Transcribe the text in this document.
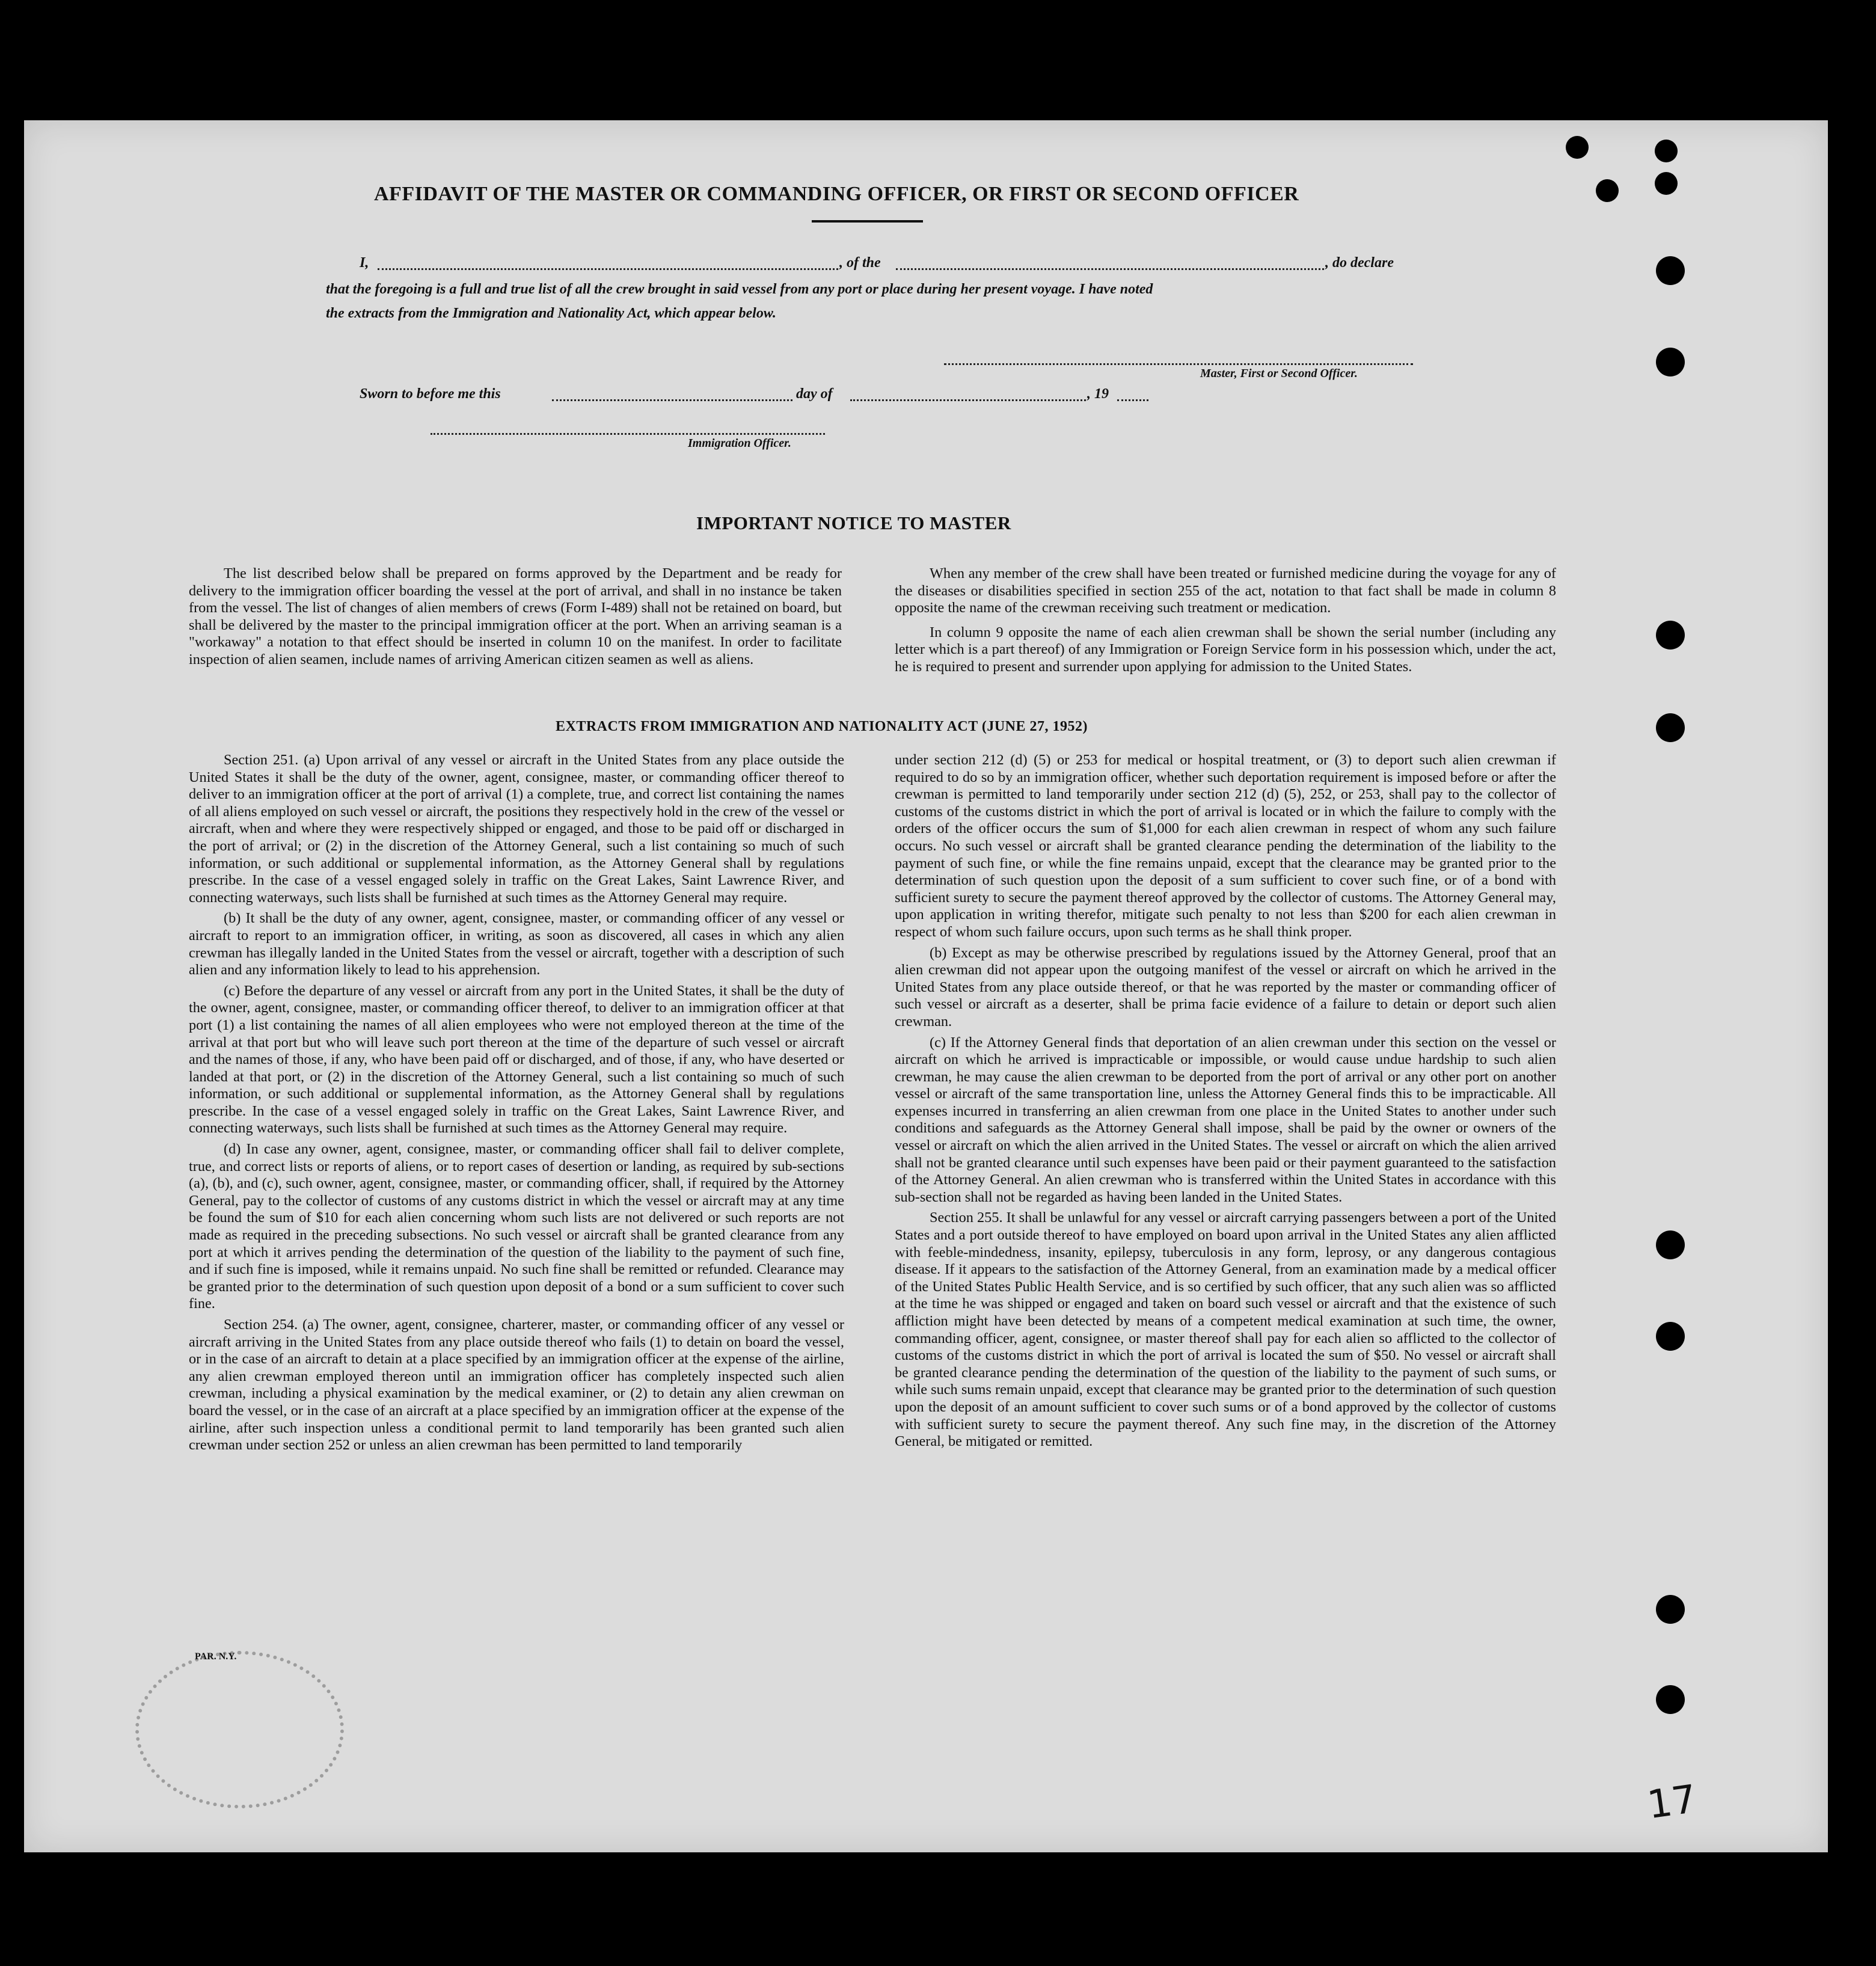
AFFIDAVIT OF THE MASTER OR COMMANDING OFFICER, OR FIRST OR SECOND OFFICER
I,	, of the	, do declare
that the foregoing is a full and true list of all the crew brought in said vessel from any port or place during her present voyage. I have noted
the extracts from the Immigration and Nationality Act, which appear below.
Master, First or Second Officer.
Sworn to before me this	day of	, 19
Immigration Officer.
IMPORTANT NOTICE TO MASTER

The list described below shall be prepared on forms approved by the Department and be ready for delivery to the immigration officer boarding the vessel at the port of arrival, and shall in no instance be taken from the vessel. The list of changes of alien members of crews (Form I-489) shall not be retained on board, but shall be delivered by the master to the principal immigration officer at the port. When an arriving seaman is a "workaway" a notation to that effect should be inserted in column 10 on the manifest. In order to facilitate inspection of alien seamen, include names of arriving American citizen seamen as well as aliens.

When any member of the crew shall have been treated or furnished medicine during the voyage for any of the diseases or disabilities specified in section 255 of the act, notation to that fact shall be made in column 8 opposite the name of the crewman receiving such treatment or medication.

In column 9 opposite the name of each alien crewman shall be shown the serial number (including any letter which is a part thereof) of any Immigration or Foreign Service form in his possession which, under the act, he is required to present and surrender upon applying for admission to the United States.

EXTRACTS FROM IMMIGRATION AND NATIONALITY ACT (JUNE 27, 1952)

Section 251. (a) Upon arrival of any vessel or aircraft in the United States from any place outside the United States it shall be the duty of the owner, agent, consignee, master, or commanding officer thereof to deliver to an immigration officer at the port of arrival (1) a complete, true, and correct list containing the names of all aliens employed on such vessel or aircraft, the positions they respectively hold in the crew of the vessel or aircraft, when and where they were respectively shipped or engaged, and those to be paid off or discharged in the port of arrival; or (2) in the discretion of the Attorney General, such a list containing so much of such information, or such additional or supplemental information, as the Attorney General shall by regulations prescribe. In the case of a vessel engaged solely in traffic on the Great Lakes, Saint Lawrence River, and connecting waterways, such lists shall be furnished at such times as the Attorney General may require.

(b) It shall be the duty of any owner, agent, consignee, master, or commanding officer of any vessel or aircraft to report to an immigration officer, in writing, as soon as discovered, all cases in which any alien crewman has illegally landed in the United States from the vessel or aircraft, together with a description of such alien and any information likely to lead to his apprehension.

(c) Before the departure of any vessel or aircraft from any port in the United States, it shall be the duty of the owner, agent, consignee, master, or commanding officer thereof, to deliver to an immigration officer at that port (1) a list containing the names of all alien employees who were not employed thereon at the time of the arrival at that port but who will leave such port thereon at the time of the departure of such vessel or aircraft and the names of those, if any, who have been paid off or discharged, and of those, if any, who have deserted or landed at that port, or (2) in the discretion of the Attorney General, such a list containing so much of such information, or such additional or supplemental information, as the Attorney General shall by regulations prescribe. In the case of a vessel engaged solely in traffic on the Great Lakes, Saint Lawrence River, and connecting waterways, such lists shall be furnished at such times as the Attorney General may require.

(d) In case any owner, agent, consignee, master, or commanding officer shall fail to deliver complete, true, and correct lists or reports of aliens, or to report cases of desertion or landing, as required by sub-sections (a), (b), and (c), such owner, agent, consignee, master, or commanding officer, shall, if required by the Attorney General, pay to the collector of customs of any customs district in which the vessel or aircraft may at any time be found the sum of $10 for each alien concerning whom such lists are not delivered or such reports are not made as required in the preceding subsections. No such vessel or aircraft shall be granted clearance from any port at which it arrives pending the determination of the question of the liability to the payment of such fine, and if such fine is imposed, while it remains unpaid. No such fine shall be remitted or refunded. Clearance may be granted prior to the determination of such question upon deposit of a bond or a sum sufficient to cover such fine.

Section 254. (a) The owner, agent, consignee, charterer, master, or commanding officer of any vessel or aircraft arriving in the United States from any place outside thereof who fails (1) to detain on board the vessel, or in the case of an aircraft to detain at a place specified by an immigration officer at the expense of the airline, any alien crewman employed thereon until an immigration officer has completely inspected such alien crewman, including a physical examination by the medical examiner, or (2) to detain any alien crewman on board the vessel, or in the case of an aircraft at a place specified by an immigration officer at the expense of the airline, after such inspection unless a conditional permit to land temporarily has been granted such alien crewman under section 252 or unless an alien crewman has been permitted to land temporarily

under section 212 (d) (5) or 253 for medical or hospital treatment, or (3) to deport such alien crewman if required to do so by an immigration officer, whether such deportation requirement is imposed before or after the crewman is permitted to land temporarily under section 212 (d) (5), 252, or 253, shall pay to the collector of customs of the customs district in which the port of arrival is located or in which the failure to comply with the orders of the officer occurs the sum of $1,000 for each alien crewman in respect of whom any such failure occurs. No such vessel or aircraft shall be granted clearance pending the determination of the liability to the payment of such fine, or while the fine remains unpaid, except that the clearance may be granted prior to the determination of such question upon the deposit of a sum sufficient to cover such fine, or of a bond with sufficient surety to secure the payment thereof approved by the collector of customs. The Attorney General may, upon application in writing therefor, mitigate such penalty to not less than $200 for each alien crewman in respect of whom such failure occurs, upon such terms as he shall think proper.

(b) Except as may be otherwise prescribed by regulations issued by the Attorney General, proof that an alien crewman did not appear upon the outgoing manifest of the vessel or aircraft on which he arrived in the United States from any place outside thereof, or that he was reported by the master or commanding officer of such vessel or aircraft as a deserter, shall be prima facie evidence of a failure to detain or deport such alien crewman.

(c) If the Attorney General finds that deportation of an alien crewman under this section on the vessel or aircraft on which he arrived is impracticable or impossible, or would cause undue hardship to such alien crewman, he may cause the alien crewman to be deported from the port of arrival or any other port on another vessel or aircraft of the same transportation line, unless the Attorney General finds this to be impracticable. All expenses incurred in transferring an alien crewman from one place in the United States to another under such conditions and safeguards as the Attorney General shall impose, shall be paid by the owner or owners of the vessel or aircraft on which the alien arrived in the United States. The vessel or aircraft on which the alien arrived shall not be granted clearance until such expenses have been paid or their payment guaranteed to the satisfaction of the Attorney General. An alien crewman who is transferred within the United States in accordance with this sub-section shall not be regarded as having been landed in the United States.

Section 255. It shall be unlawful for any vessel or aircraft carrying passengers between a port of the United States and a port outside thereof to have employed on board upon arrival in the United States any alien afflicted with feeble-mindedness, insanity, epilepsy, tuberculosis in any form, leprosy, or any dangerous contagious disease. If it appears to the satisfaction of the Attorney General, from an examination made by a medical officer of the United States Public Health Service, and is so certified by such officer, that any such alien was so afflicted at the time he was shipped or engaged and taken on board such vessel or aircraft and that the existence of such affliction might have been detected by means of a competent medical examination at such time, the owner, commanding officer, agent, consignee, or master thereof shall pay for each alien so afflicted to the collector of customs of the customs district in which the port of arrival is located the sum of $50. No vessel or aircraft shall be granted clearance pending the determination of the question of the liability to the payment of such sums, or while such sums remain unpaid, except that clearance may be granted prior to the determination of such question upon the deposit of an amount sufficient to cover such sums or of a bond approved by the collector of customs with sufficient surety to secure the payment thereof. Any such fine may, in the discretion of the Attorney General, be mitigated or remitted.

PAR. N.Y.
17
